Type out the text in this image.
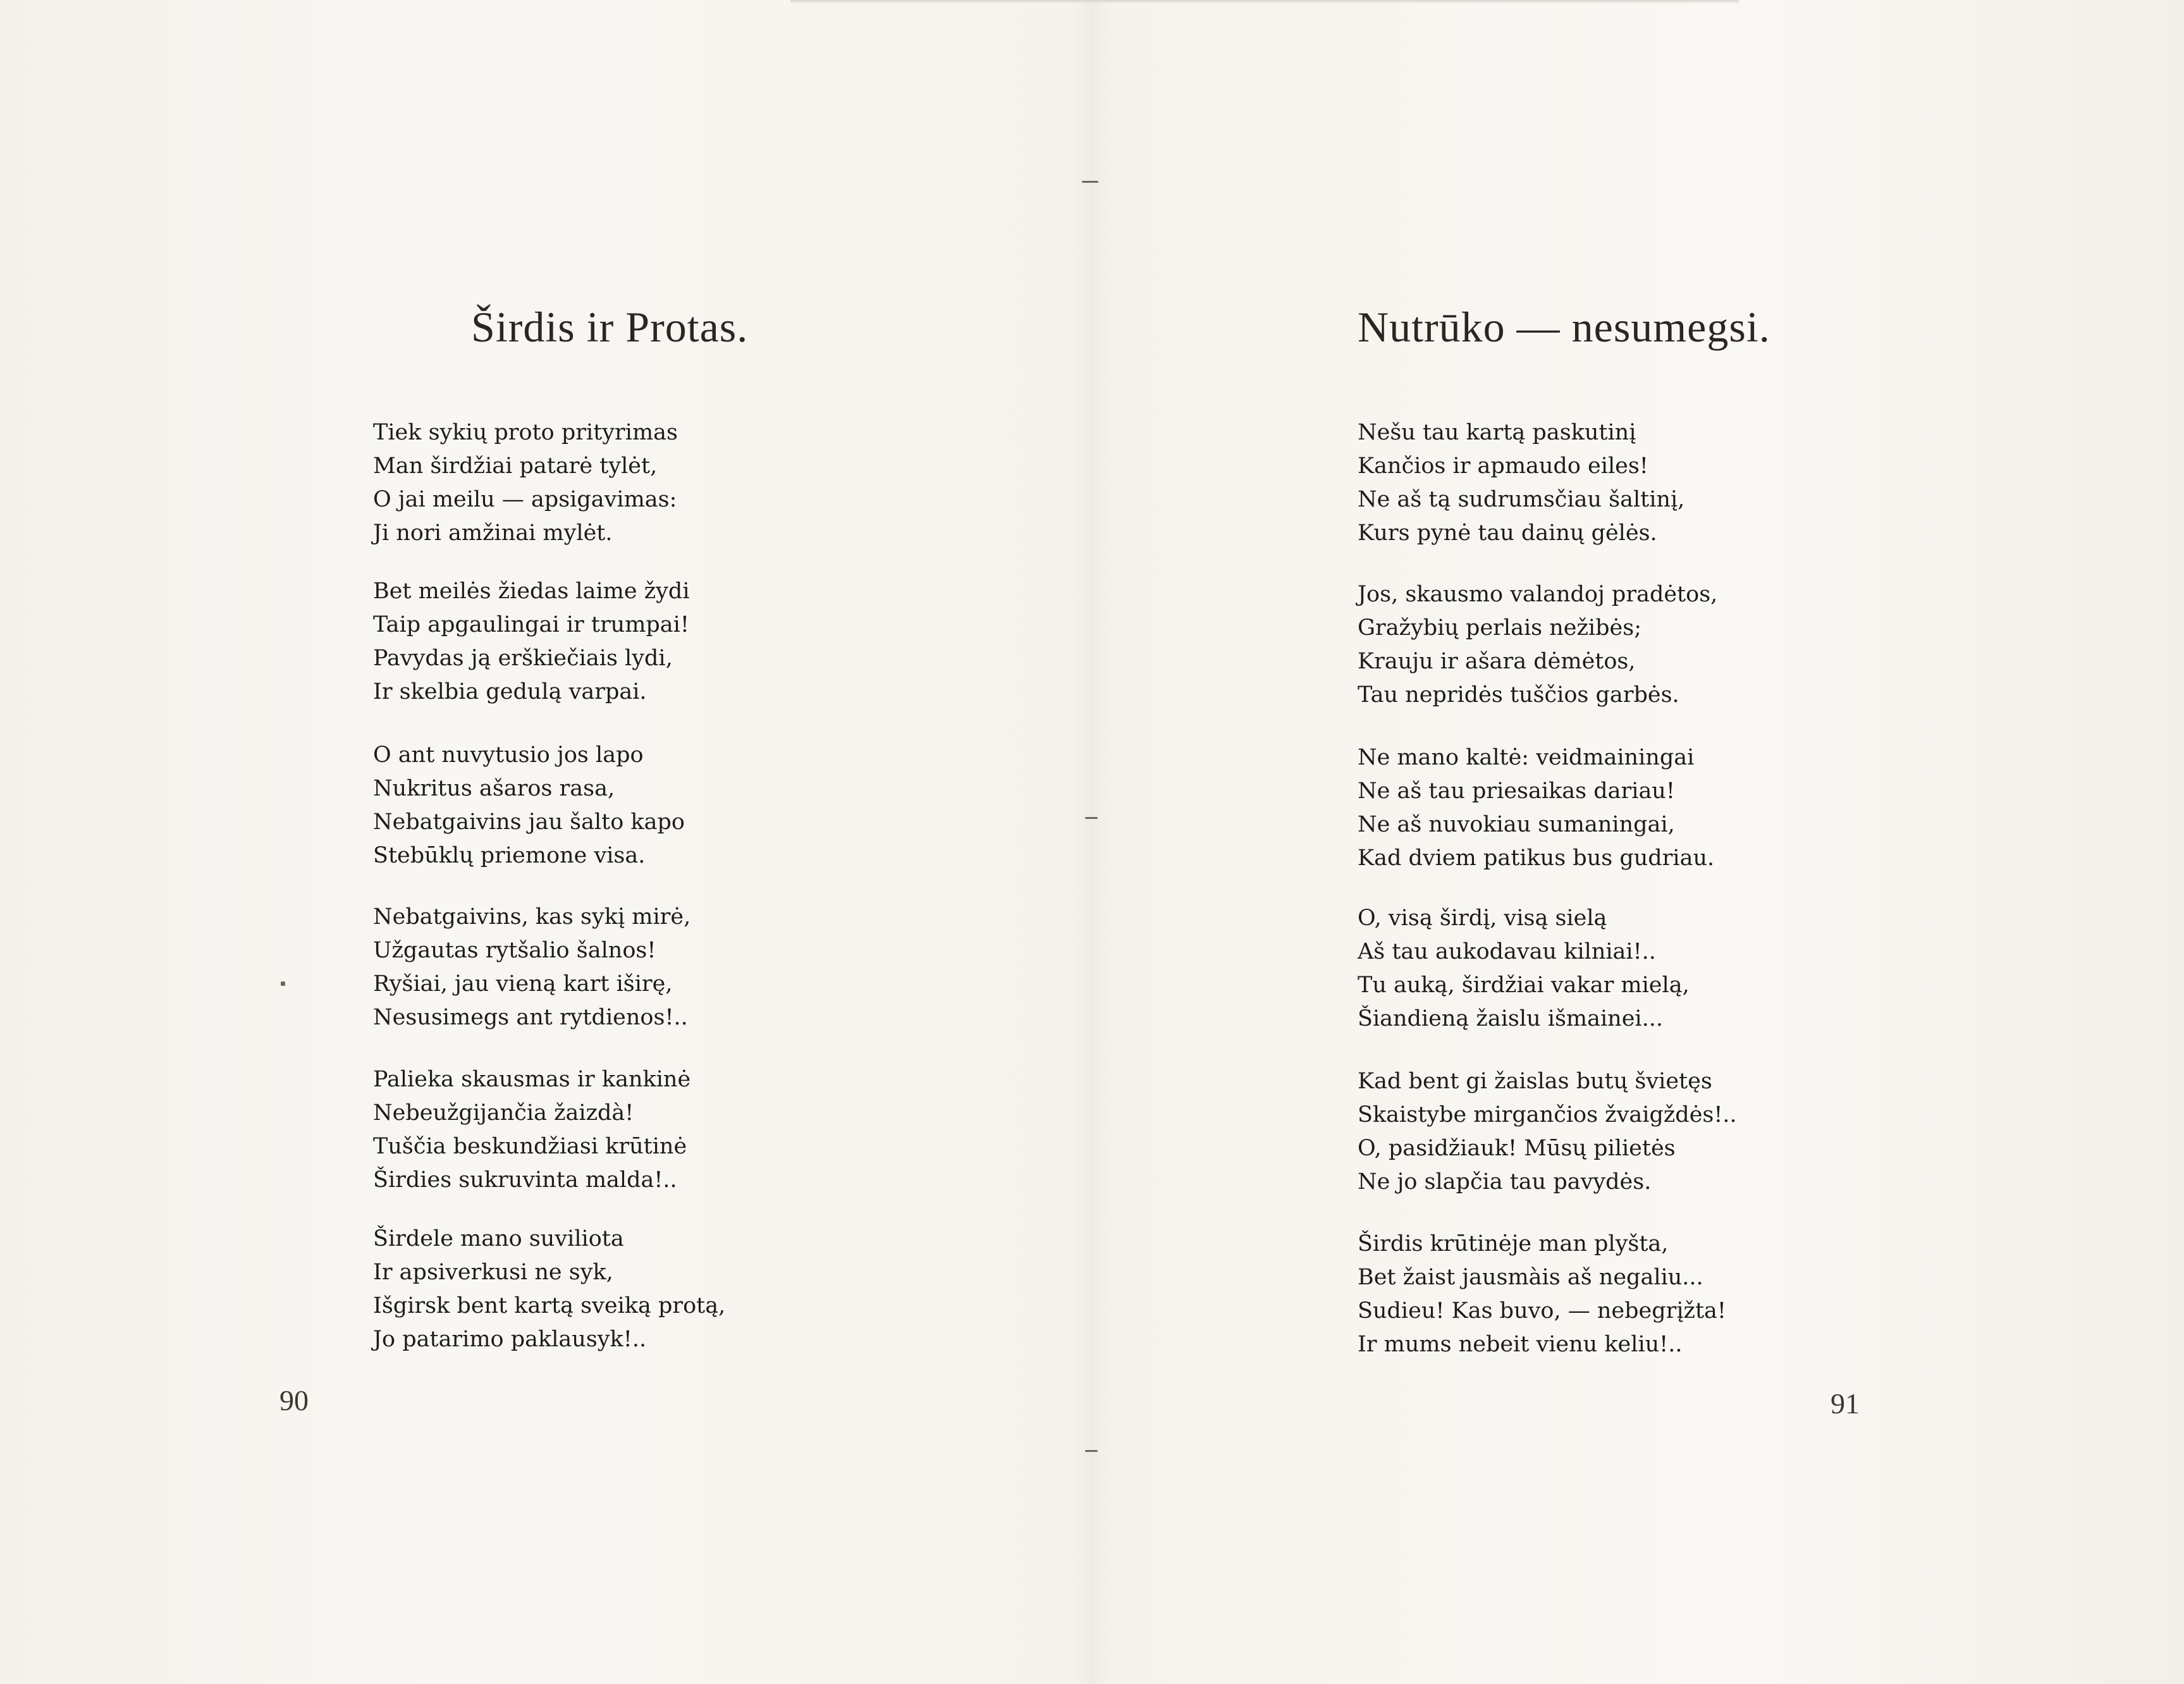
Širdis ir Protas.
Tiek sykių proto prityrimas
Man širdžiai patarė tylėt,
O jai meilu — apsigavimas:
Ji nori amžinai mylėt.
Bet meilės žiedas laime žydi
Taip apgaulingai ir trumpai!
Pavydas ją erškiečiais lydi,
Ir skelbia gedulą varpai.
O ant nuvytusio jos lapo
Nukritus ašaros rasa,
Nebatgaivins jau šalto kapo
Stebūklų priemone visa.
Nebatgaivins, kas sykį mirė,
Užgautas rytšalio šalnos!
Ryšiai, jau vieną kart iširę,
Nesusimegs ant rytdienos!..
Palieka skausmas ir kankinė
Nebeužgijančia žaizdà!
Tuščia beskundžiasi krūtinė
Širdies sukruvinta malda!..
Širdele mano suviliota
Ir apsiverkusi ne syk,
Išgirsk bent kartą sveiką protą,
Jo patarimo paklausyk!..

90

Nutrūko — nesumegsi.
Nešu tau kartą paskutinį
Kančios ir apmaudo eiles!
Ne aš tą sudrumsčiau šaltinį,
Kurs pynė tau dainų gėlės.
Jos, skausmo valandoj pradėtos,
Gražybių perlais nežibės;
Krauju ir ašara dėmėtos,
Tau nepridės tuščios garbės.
Ne mano kaltė: veidmainingai
Ne aš tau priesaikas dariau!
Ne aš nuvokiau sumaningai,
Kad dviem patikus bus gudriau.
O, visą širdį, visą sielą
Aš tau aukodavau kilniai!..
Tu auką, širdžiai vakar mielą,
Šiandieną žaislu išmainei...
Kad bent gi žaislas butų švietęs
Skaistybe mirgančios žvaigždės!..
O, pasidžiauk! Mūsų pilietės
Ne jo slapčia tau pavydės.
Širdis krūtinėje man plyšta,
Bet žaist jausmàis aš negaliu...
Sudieu! Kas buvo, — nebegrįžta!
Ir mums nebeit vienu keliu!..

91
